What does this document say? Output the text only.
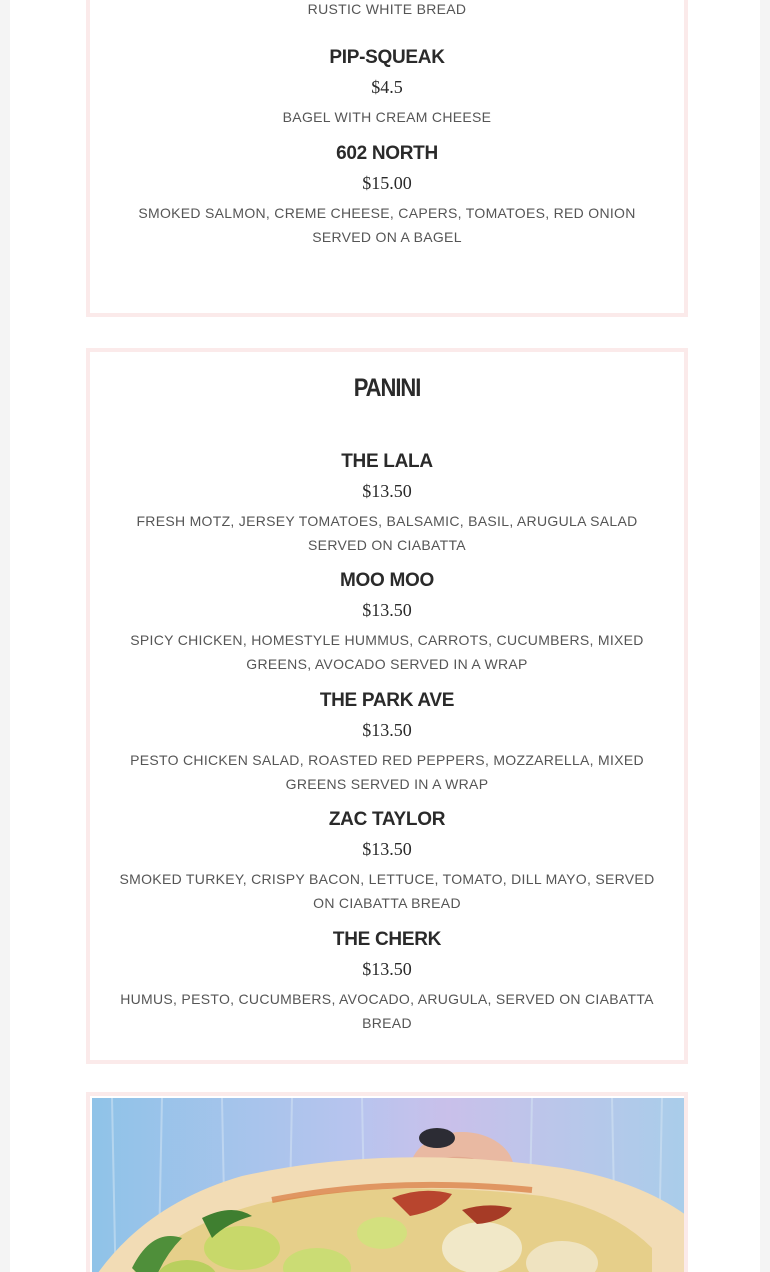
RUSTIC WHITE BREAD
PIP-SQUEAK
$4.5
BAGEL WITH CREAM CHEESE
602 NORTH
$15.00
SMOKED SALMON, CREME CHEESE, CAPERS, TOMATOES, RED ONION SERVED ON A BAGEL
PANINI
THE LALA
$13.50
FRESH MOTZ, JERSEY TOMATOES, BALSAMIC, BASIL, ARUGULA SALAD SERVED ON CIABATTA
MOO MOO
$13.50
SPICY CHICKEN, HOMESTYLE HUMMUS, CARROTS, CUCUMBERS, MIXED GREENS, AVOCADO SERVED IN A WRAP
THE PARK AVE
$13.50
PESTO CHICKEN SALAD, ROASTED RED PEPPERS, MOZZARELLA, MIXED GREENS SERVED IN A WRAP
ZAC TAYLOR
$13.50
SMOKED TURKEY, CRISPY BACON, LETTUCE, TOMATO, DILL MAYO, SERVED ON CIABATTA BREAD
THE CHERK
$13.50
HUMUS, PESTO, CUCUMBERS, AVOCADO, ARUGULA, SERVED ON CIABATTA BREAD
